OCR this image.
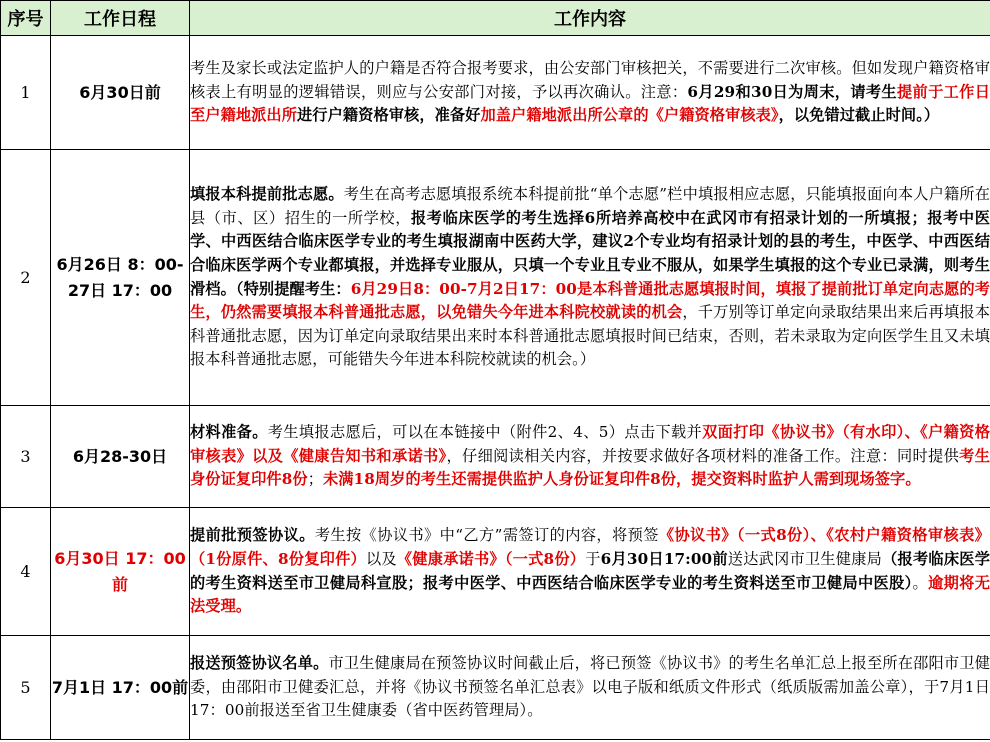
序号	工作日程	工作内容
1	6月30日前	考生及家长或法定监护人的户籍是否符合报考要求，由公安部门审核把关，不需要进行二次审核。但如发现户籍资格审核表上有明显的逻辑错误，则应与公安部门对接，予以再次确认。注意：6月29和30日为周末，请考生提前于工作日至户籍地派出所进行户籍资格审核，准备好加盖户籍地派出所公章的《户籍资格审核表》，以免错过截止时间。）
2	6月26日 8：00-27日 17：00	填报本科提前批志愿。考生在高考志愿填报系统本科提前批“单个志愿”栏中填报相应志愿，只能填报面向本人户籍所在县（市、区）招生的一所学校，报考临床医学的考生选择6所培养高校中在武冈市有招录计划的一所填报；报考中医学、中西医结合临床医学专业的考生填报湖南中医药大学，建议2个专业均有招录计划的县的考生，中医学、中西医结合临床医学两个专业都填报，并选择专业服从，只填一个专业且专业不服从，如果学生填报的这个专业已录满，则考生滑档。（特别提醒考生：6月29日8：00-7月2日17：00是本科普通批志愿填报时间，填报了提前批订单定向志愿的考生，仍然需要填报本科普通批志愿，以免错失今年进本科院校就读的机会，千万别等订单定向录取结果出来后再填报本科普通批志愿，因为订单定向录取结果出来时本科普通批志愿填报时间已结束，否则，若未录取为定向医学生且又未填报本科普通批志愿，可能错失今年进本科院校就读的机会。）
3	6月28-30日	材料准备。考生填报志愿后，可以在本链接中（附件2、4、5）点击下载并双面打印《协议书》（有水印）、《户籍资格审核表》以及《健康告知书和承诺书》，仔细阅读相关内容，并按要求做好各项材料的准备工作。注意：同时提供考生身份证复印件8份；未满18周岁的考生还需提供监护人身份证复印件8份，提交资料时监护人需到现场签字。
4	6月30日 17：00前	提前批预签协议。考生按《协议书》中“乙方”需签订的内容，将预签《协议书》（一式8份）、《农村户籍资格审核表》（1份原件、8份复印件）以及《健康承诺书》（一式8份）于6月30日17:00前送达武冈市卫生健康局（报考临床医学的考生资料送至市卫健局科宣股；报考中医学、中西医结合临床医学专业的考生资料送至市卫健局中医股）。逾期将无法受理。
5	7月1日 17：00前	报送预签协议名单。市卫生健康局在预签协议时间截止后，将已预签《协议书》的考生名单汇总上报至所在邵阳市卫健委，由邵阳市卫健委汇总，并将《协议书预签名单汇总表》以电子版和纸质文件形式（纸质版需加盖公章），于7月1日17：00前报送至省卫生健康委（省中医药管理局）。
